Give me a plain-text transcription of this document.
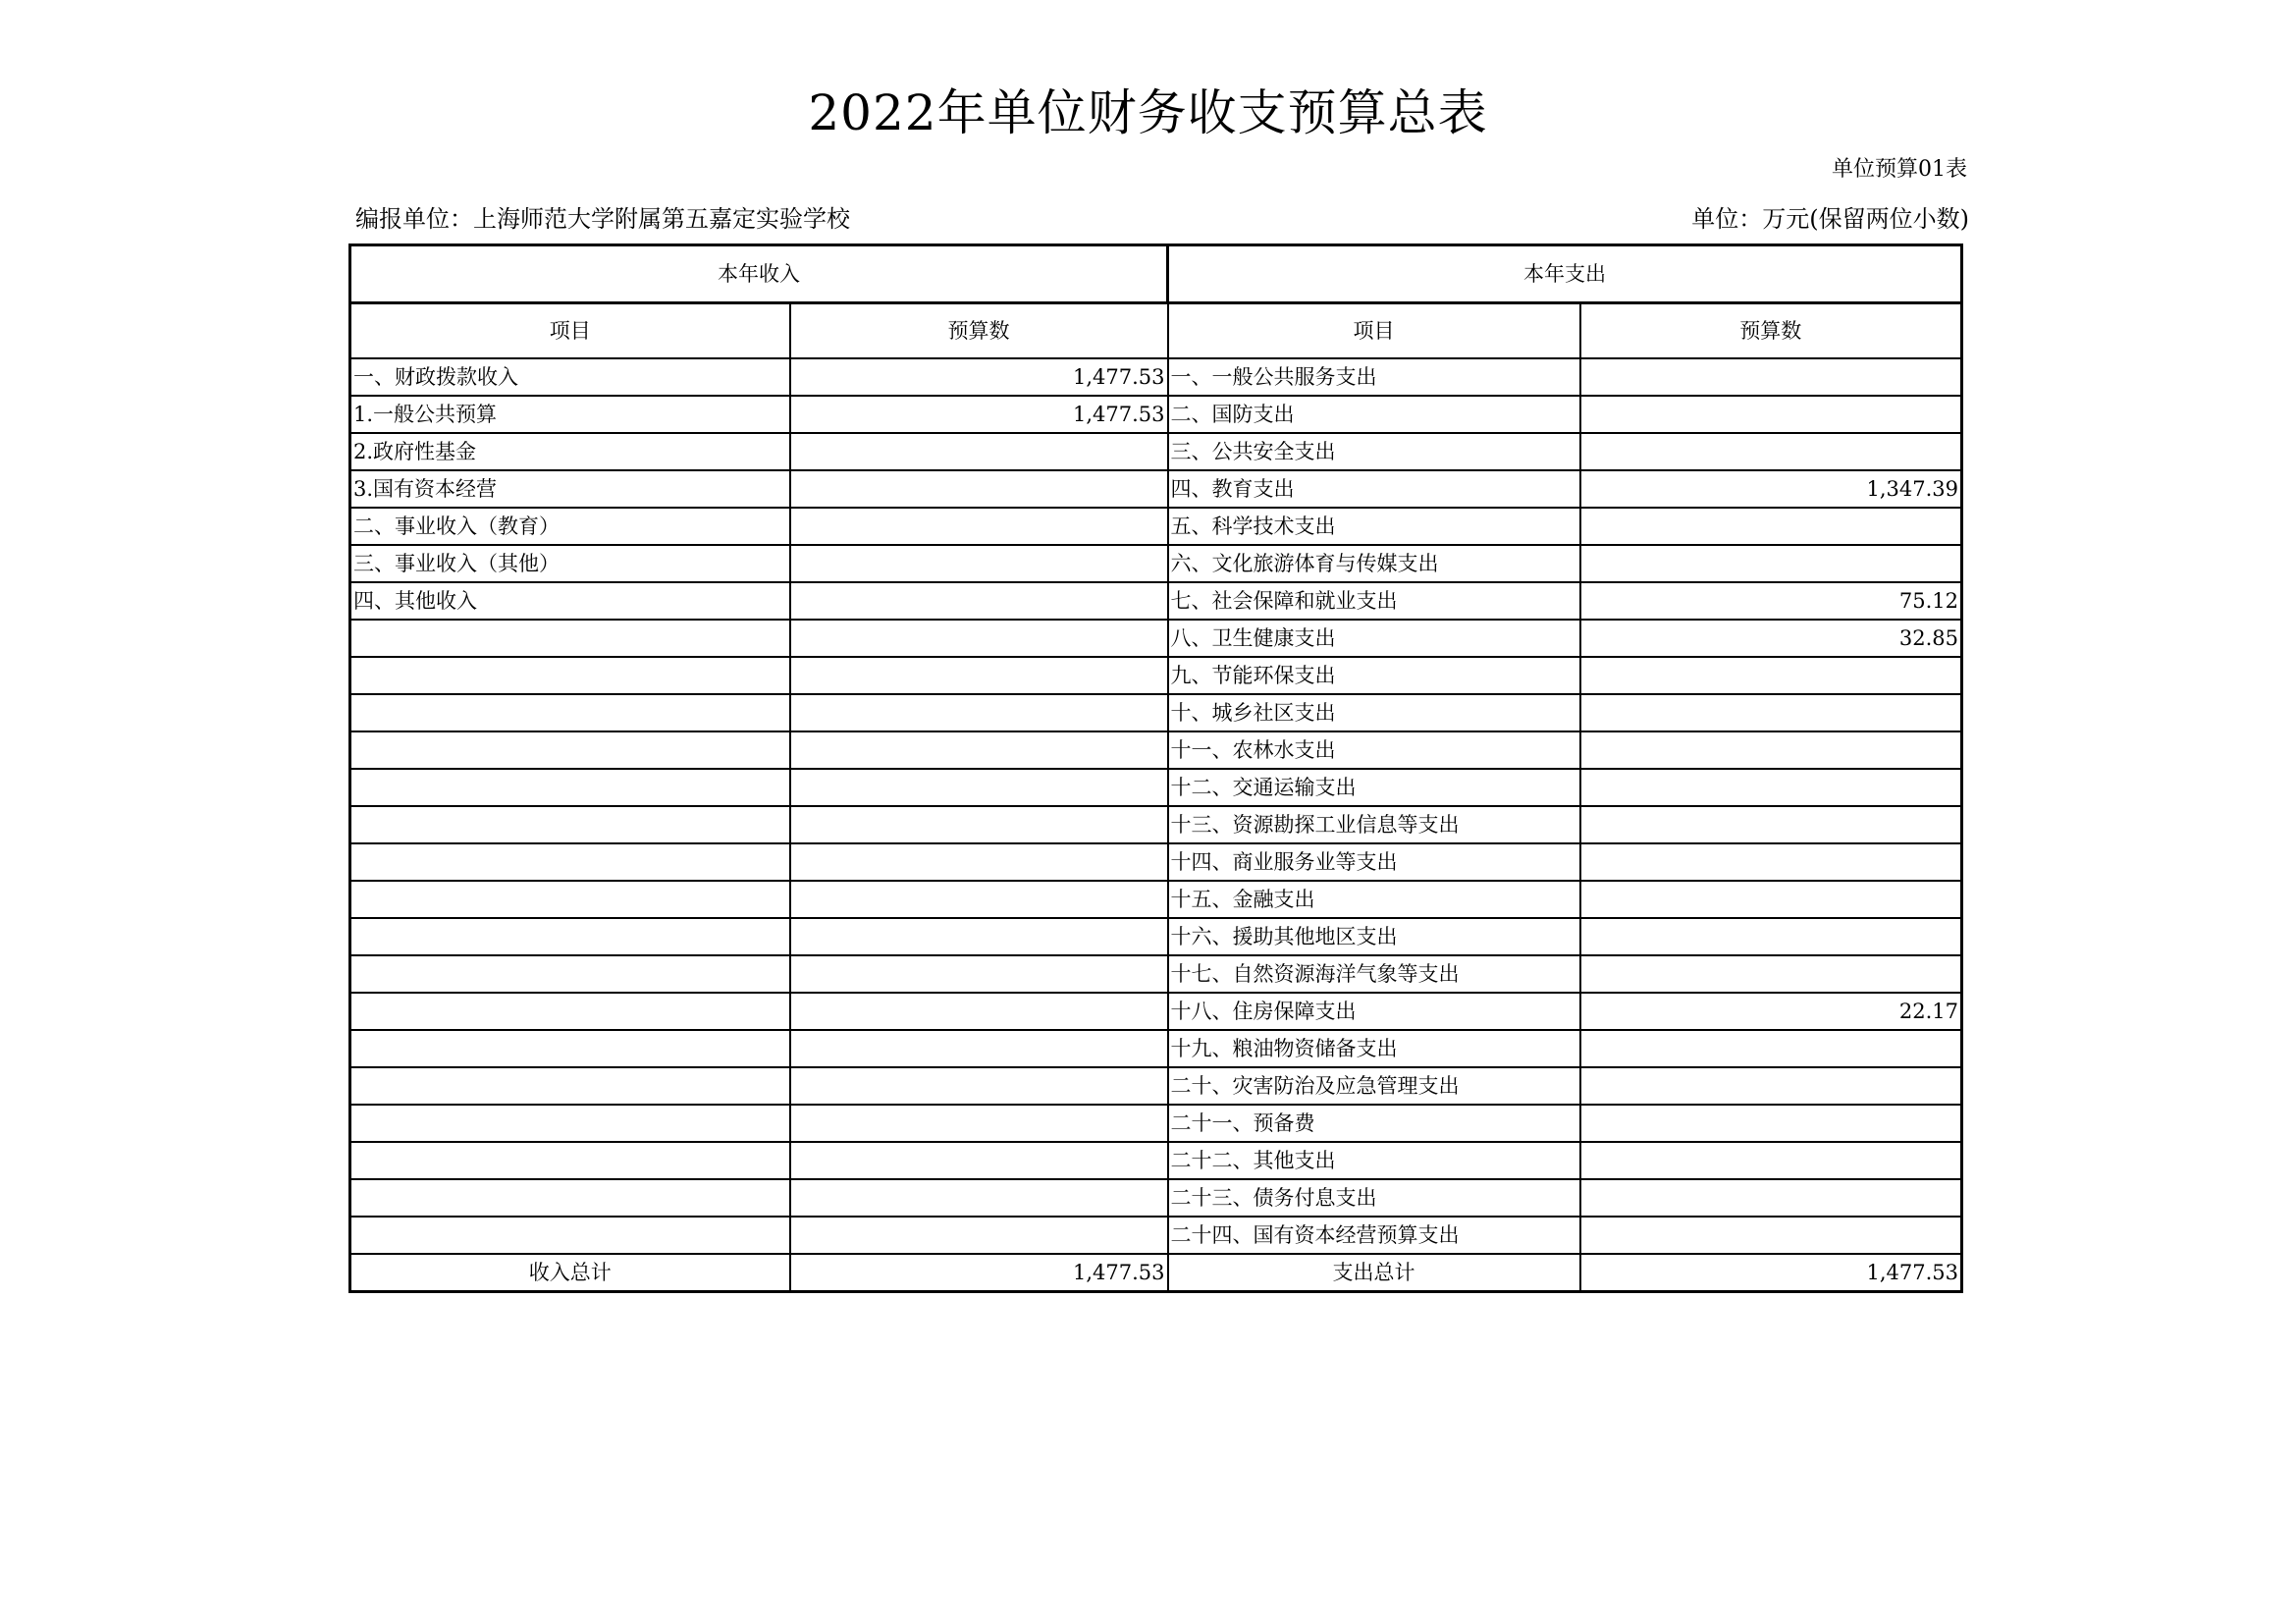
2022年单位财务收支预算总表
单位预算01表
编报单位：上海师范大学附属第五嘉定实验学校	单位：万元(保留两位小数)
本年收入		本年支出	
项目	预算数	项目	预算数
一、财政拨款收入	1,477.53	一、一般公共服务支出	
1.一般公共预算	1,477.53	二、国防支出	
2.政府性基金		三、公共安全支出	
3.国有资本经营		四、教育支出	1,347.39
二、事业收入（教育）		五、科学技术支出	
三、事业收入（其他）		六、文化旅游体育与传媒支出	
四、其他收入		七、社会保障和就业支出	75.12
		八、卫生健康支出	32.85
		九、节能环保支出	
		十、城乡社区支出	
		十一、农林水支出	
		十二、交通运输支出	
		十三、资源勘探工业信息等支出	
		十四、商业服务业等支出	
		十五、金融支出	
		十六、援助其他地区支出	
		十七、自然资源海洋气象等支出	
		十八、住房保障支出	22.17
		十九、粮油物资储备支出	
		二十、灾害防治及应急管理支出	
		二十一、预备费	
		二十二、其他支出	
		二十三、债务付息支出	
		二十四、国有资本经营预算支出	
收入总计	1,477.53	支出总计	1,477.53
